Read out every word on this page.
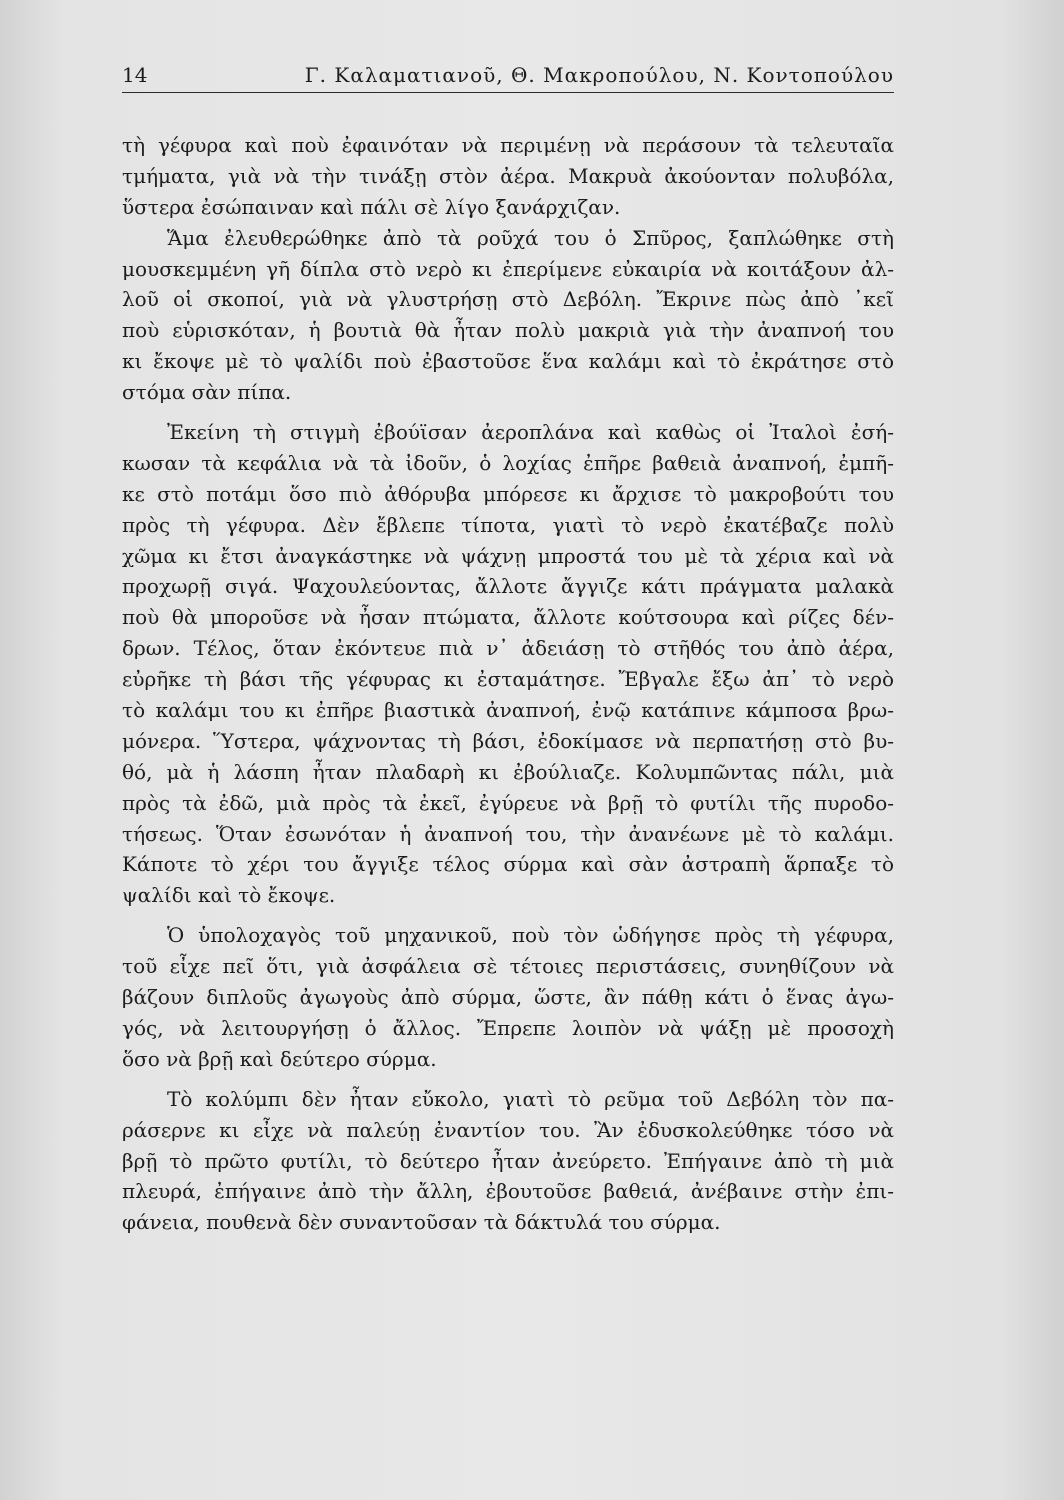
14	Γ. Καλαματιανοῦ, Θ. Μακροπούλου, Ν. Κοντοπούλου
τὴ γέφυρα καὶ ποὺ ἐφαινόταν νὰ περιμένῃ νὰ περάσουν τὰ τελευταῖα
τμήματα, γιὰ νὰ τὴν τινάξῃ στὸν ἀέρα. Μακρυὰ ἀκούονταν πολυβόλα,
ὕστερα ἐσώπαιναν καὶ πάλι σὲ λίγο ξανάρχιζαν.
Ἅμα ἐλευθερώθηκε ἀπὸ τὰ ροῦχά του ὁ Σπῦρος, ξαπλώθηκε στὴ
μουσκεμμένη γῆ δίπλα στὸ νερὸ κι ἐπερίμενε εὐκαιρία νὰ κοιτάξουν ἀλ-
λοῦ οἱ σκοποί, γιὰ νὰ γλυστρήσῃ στὸ Δεβόλη. Ἔκρινε πὼς ἀπὸ ᾿κεῖ
ποὺ εὑρισκόταν, ἡ βουτιὰ θὰ ἦταν πολὺ μακριὰ γιὰ τὴν ἀναπνοή του
κι ἔκοψε μὲ τὸ ψαλίδι ποὺ ἐβαστοῦσε ἕνα καλάμι καὶ τὸ ἐκράτησε στὸ
στόμα σὰν πίπα.
Ἐκείνη τὴ στιγμὴ ἐβούϊσαν ἀεροπλάνα καὶ καθὼς οἱ Ἰταλοὶ ἐσή-
κωσαν τὰ κεφάλια νὰ τὰ ἰδοῦν, ὁ λοχίας ἐπῆρε βαθειὰ ἀναπνοή, ἐμπῆ-
κε στὸ ποτάμι ὅσο πιὸ ἀθόρυβα μπόρεσε κι ἄρχισε τὸ μακροβούτι του
πρὸς τὴ γέφυρα. Δὲν ἔβλεπε τίποτα, γιατὶ τὸ νερὸ ἐκατέβαζε πολὺ
χῶμα κι ἔτσι ἀναγκάστηκε νὰ ψάχνῃ μπροστά του μὲ τὰ χέρια καὶ νὰ
προχωρῇ σιγά. Ψαχουλεύοντας, ἄλλοτε ἄγγιζε κάτι πράγματα μαλακὰ
ποὺ θὰ μποροῦσε νὰ ἦσαν πτώματα, ἄλλοτε κούτσουρα καὶ ρίζες δέν-
δρων. Τέλος, ὅταν ἐκόντευε πιὰ ν᾿ ἀδειάσῃ τὸ στῆθός του ἀπὸ ἀέρα,
εὐρῆκε τὴ βάσι τῆς γέφυρας κι ἐσταμάτησε. Ἔβγαλε ἔξω ἀπ᾿ τὸ νερὸ
τὸ καλάμι του κι ἐπῆρε βιαστικὰ ἀναπνοή, ἐνῷ κατάπινε κάμποσα βρω-
μόνερα. Ὕστερα, ψάχνοντας τὴ βάσι, ἐδοκίμασε νὰ περπατήσῃ στὸ βυ-
θό, μὰ ἡ λάσπη ἦταν πλαδαρὴ κι ἐβούλιαζε. Κολυμπῶντας πάλι, μιὰ
πρὸς τὰ ἐδῶ, μιὰ πρὸς τὰ ἐκεῖ, ἐγύρευε νὰ βρῇ τὸ φυτίλι τῆς πυροδο-
τήσεως. Ὅταν ἐσωνόταν ἡ ἀναπνοή του, τὴν ἀνανέωνε μὲ τὸ καλάμι.
Κάποτε τὸ χέρι του ἄγγιξε τέλος σύρμα καὶ σὰν ἀστραπὴ ἅρπαξε τὸ
ψαλίδι καὶ τὸ ἔκοψε.
Ὁ ὑπολοχαγὸς τοῦ μηχανικοῦ, ποὺ τὸν ὡδήγησε πρὸς τὴ γέφυρα,
τοῦ εἶχε πεῖ ὅτι, γιὰ ἀσφάλεια σὲ τέτοιες περιστάσεις, συνηθίζουν νὰ
βάζουν διπλοῦς ἀγωγοὺς ἀπὸ σύρμα, ὥστε, ἂν πάθῃ κάτι ὁ ἕνας ἀγω-
γός, νὰ λειτουργήσῃ ὁ ἄλλος. Ἔπρεπε λοιπὸν νὰ ψάξῃ μὲ προσοχὴ
ὅσο νὰ βρῇ καὶ δεύτερο σύρμα.
Τὸ κολύμπι δὲν ἦταν εὔκολο, γιατὶ τὸ ρεῦμα τοῦ Δεβόλη τὸν πα-
ράσερνε κι εἶχε νὰ παλεύῃ ἐναντίον του. Ἂν ἐδυσκολεύθηκε τόσο νὰ
βρῇ τὸ πρῶτο φυτίλι, τὸ δεύτερο ἦταν ἀνεύρετο. Ἐπήγαινε ἀπὸ τὴ μιὰ
πλευρά, ἐπήγαινε ἀπὸ τὴν ἄλλη, ἐβουτοῦσε βαθειά, ἀνέβαινε στὴν ἐπι-
φάνεια, πουθενὰ δὲν συναντοῦσαν τὰ δάκτυλά του σύρμα.
